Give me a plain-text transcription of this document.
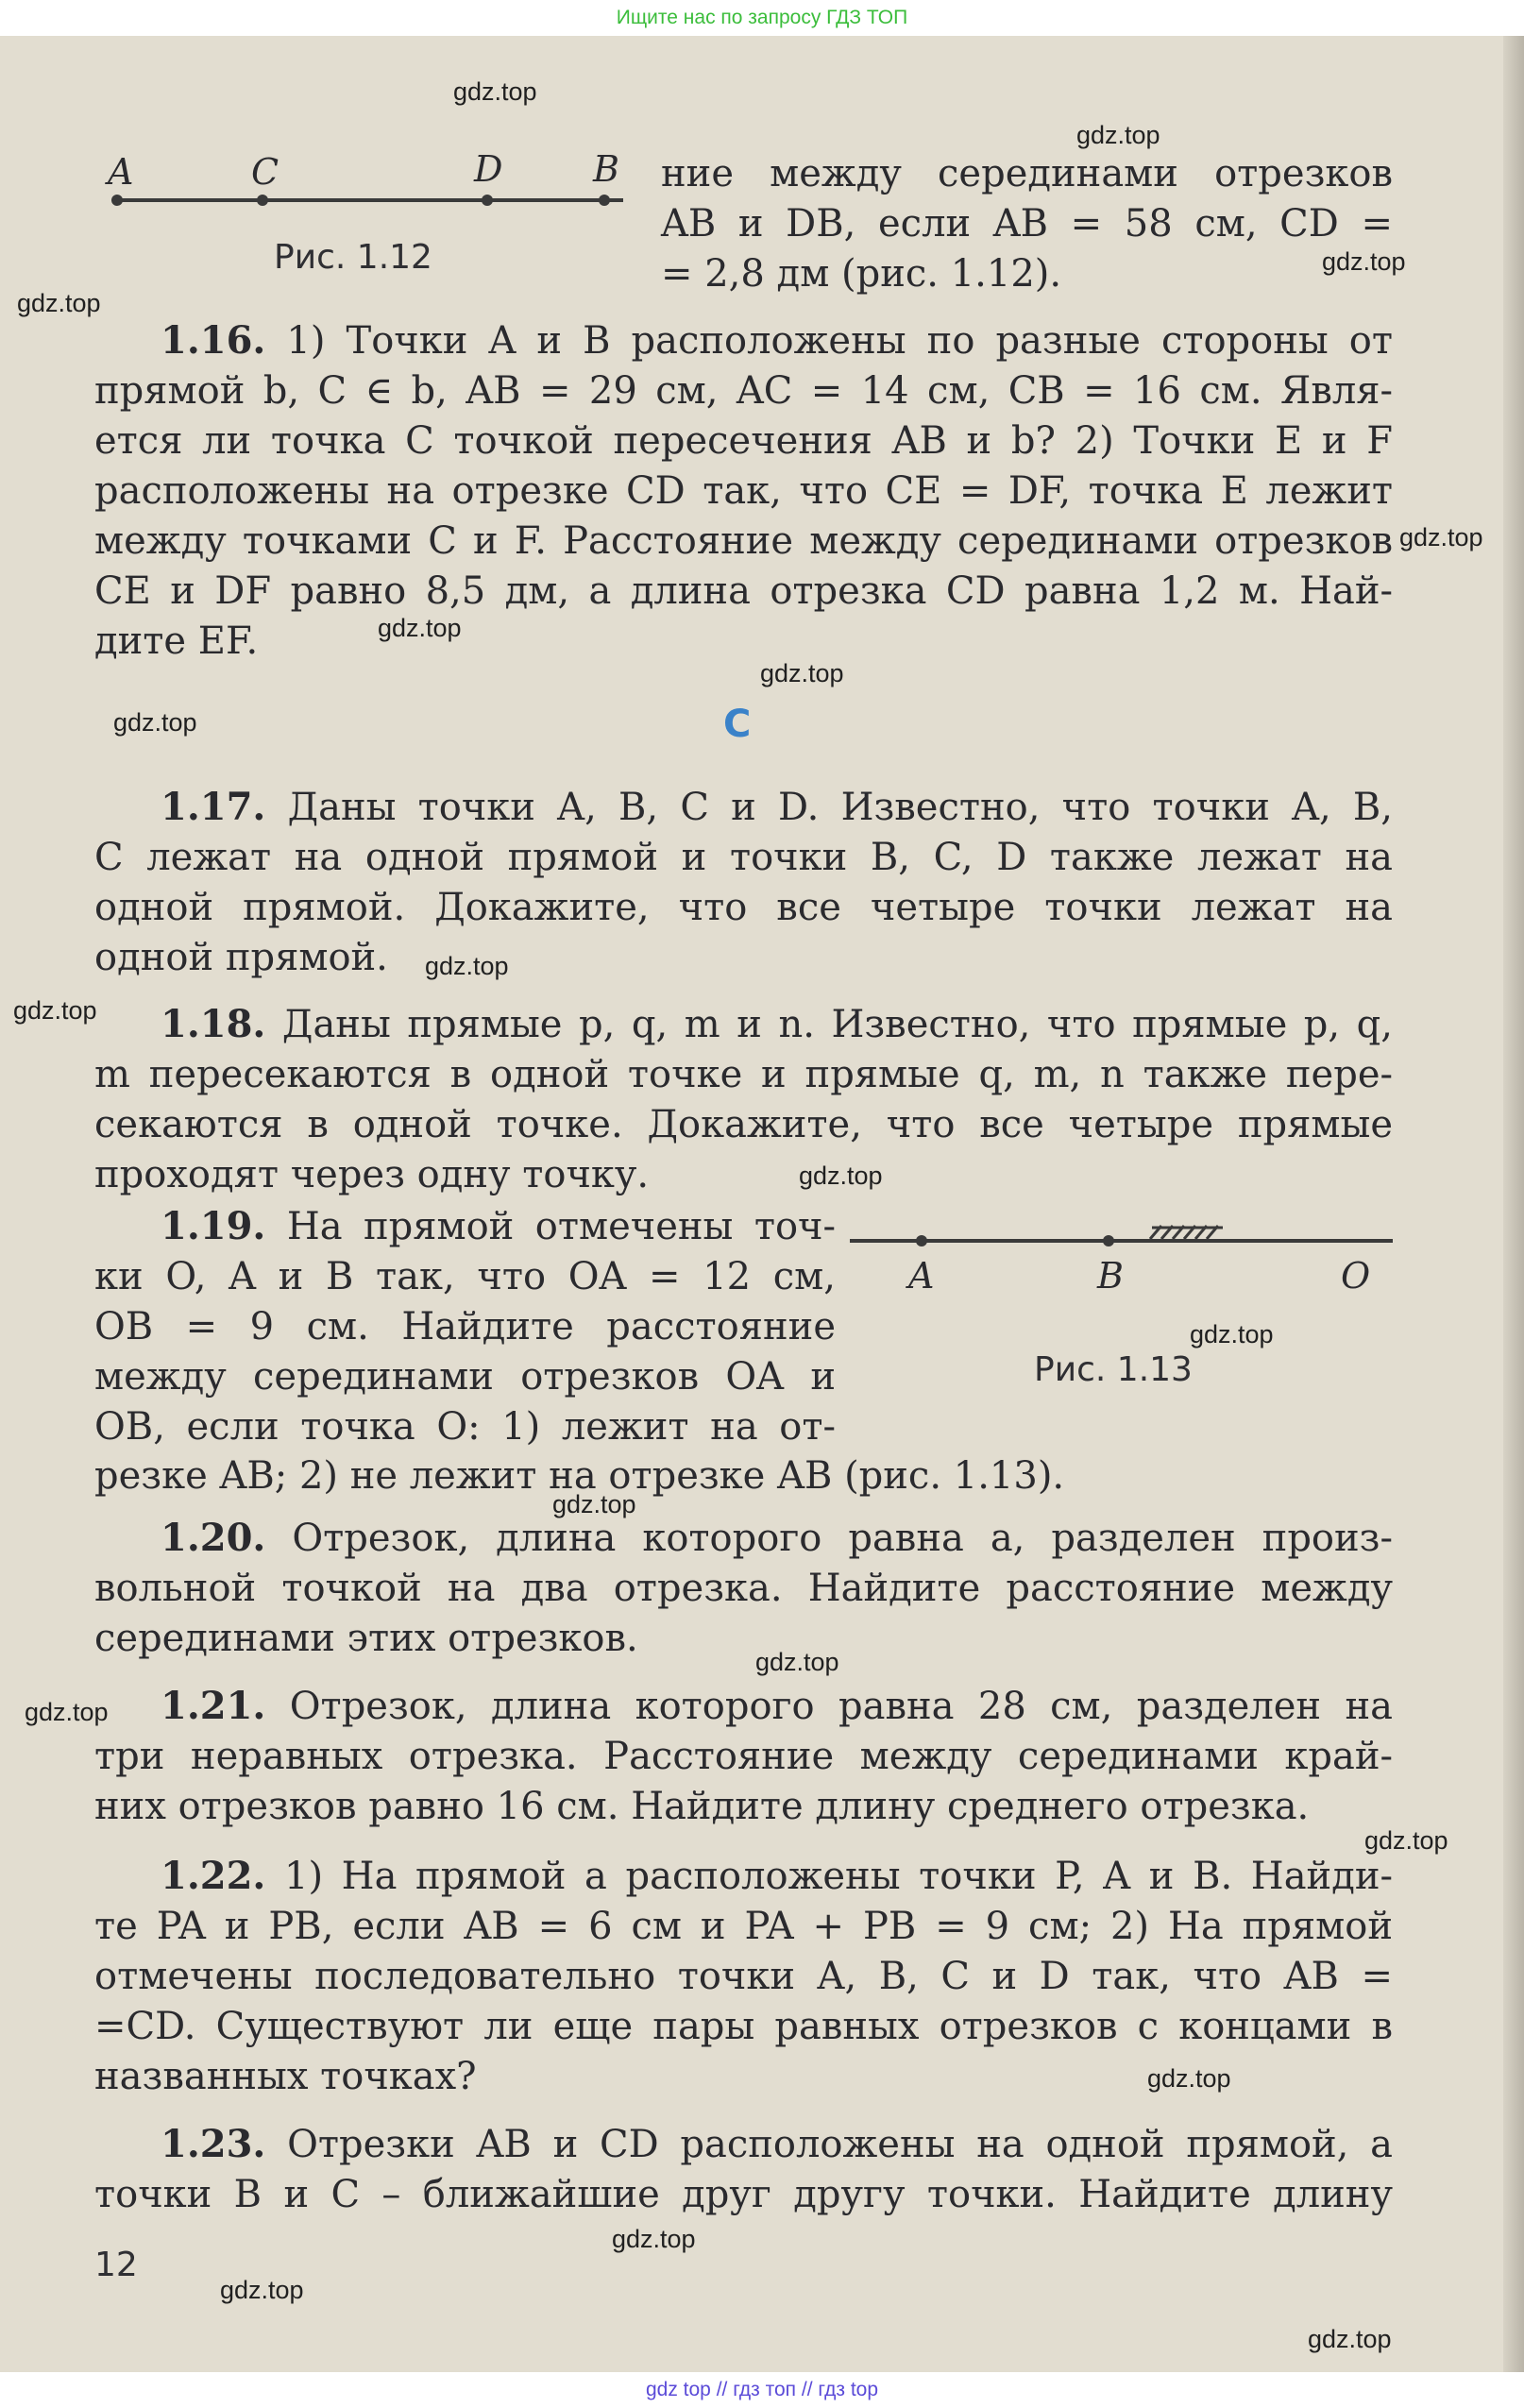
Ищите нас по запросу ГДЗ ТОП
A	C	D	B
Рис. 1.12
ние между серединами отрезков
AB и DB, если AB = 58 см, CD =
= 2,8 дм (рис. 1.12).
1.16. 1) Точки A и B расположены по разные стороны от
прямой b, C ∈ b, AB = 29 см, AC = 14 см, CB = 16 см. Явля-
ется ли точка C точкой пересечения AB и b? 2) Точки E и F
расположены на отрезке CD так, что CE = DF, точка E лежит
между точками C и F. Расстояние между серединами отрезков
CE и DF равно 8,5 дм, а длина отрезка CD равна 1,2 м. Най-
дите EF.
C
1.17. Даны точки A, B, C и D. Известно, что точки A, B,
C лежат на одной прямой и точки B, C, D также лежат на
одной прямой. Докажите, что все четыре точки лежат на
одной прямой.
1.18. Даны прямые p, q, m и n. Известно, что прямые p, q,
m пересекаются в одной точке и прямые q, m, n также пере-
секаются в одной точке. Докажите, что все четыре прямые
проходят через одну точку.
1.19. На прямой отмечены точ-
ки O, A и B так, что OA = 12 см,
OB = 9 см. Найдите расстояние
между серединами отрезков OA и
OB, если точка O: 1) лежит на от-
резке AB; 2) не лежит на отрезке AB (рис. 1.13).
A	B	O
Рис. 1.13
1.20. Отрезок, длина которого равна a, разделен произ-
вольной точкой на два отрезка. Найдите расстояние между
серединами этих отрезков.
1.21. Отрезок, длина которого равна 28 см, разделен на
три неравных отрезка. Расстояние между серединами край-
них отрезков равно 16 см. Найдите длину среднего отрезка.
1.22. 1) На прямой a расположены точки P, A и B. Найди-
те PA и PB, если AB = 6 см и PA + PB = 9 см; 2) На прямой
отмечены последовательно точки A, B, C и D так, что AB =
=CD. Существуют ли еще пары равных отрезков с концами в
названных точках?
1.23. Отрезки AB и CD расположены на одной прямой, а
точки B и C – ближайшие друг другу точки. Найдите длину
12
gdz.top
gdz.top
gdz.top
gdz.top
gdz.top
gdz.top
gdz.top
gdz.top
gdz.top
gdz.top
gdz.top
gdz.top
gdz.top
gdz.top
gdz.top
gdz.top
gdz.top
gdz.top
gdz.top
gdz.top
gdz top // гдз топ // гдз top
